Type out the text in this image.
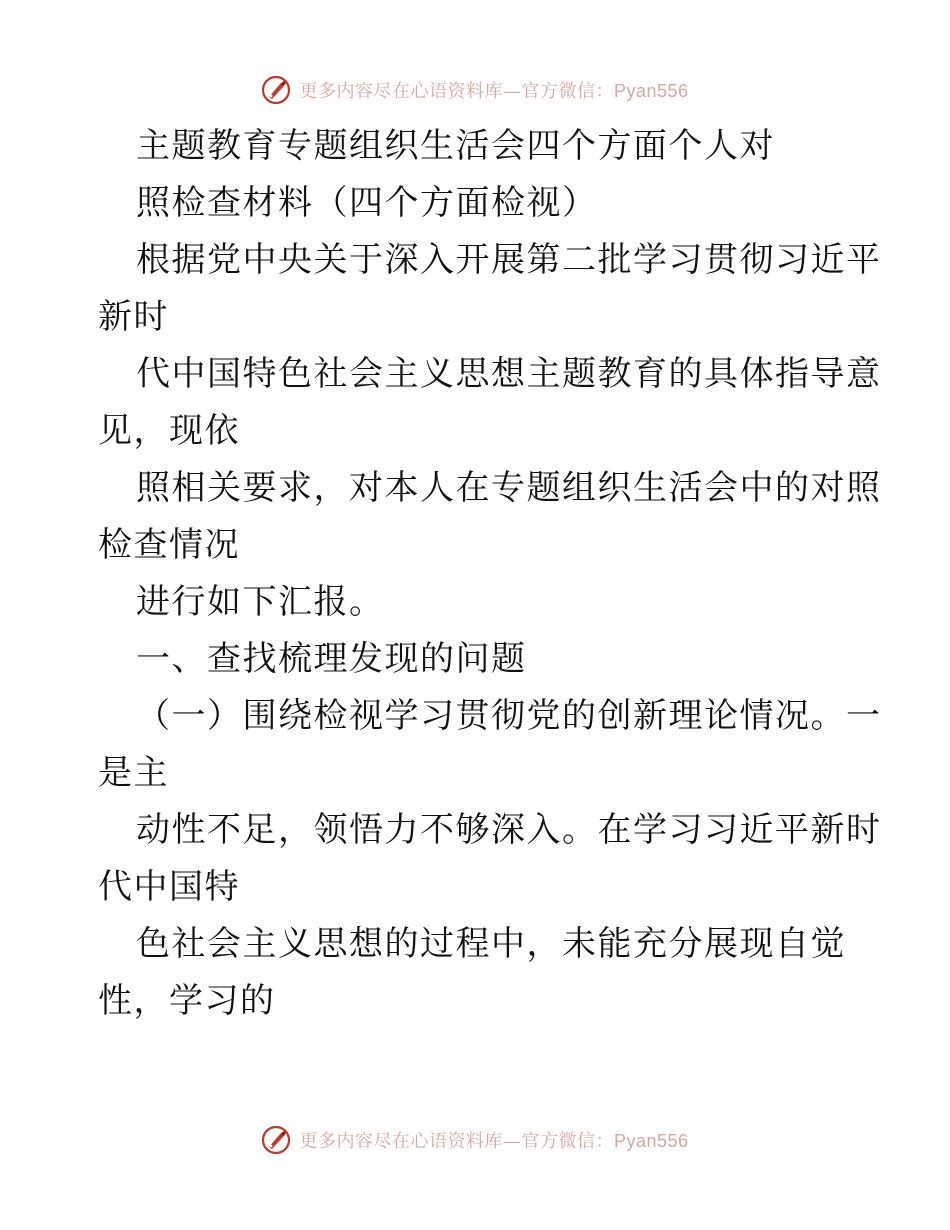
更多内容尽在心语资料库—官方微信：Pyan556
主题教育专题组织生活会四个方面个人对
照检查材料（四个方面检视）
根据党中央关于深入开展第二批学习贯彻习近平
新时
代中国特色社会主义思想主题教育的具体指导意
见，现依
照相关要求，对本人在专题组织生活会中的对照
检查情况
进行如下汇报。
一、查找梳理发现的问题
（一）围绕检视学习贯彻党的创新理论情况。一
是主
动性不足，领悟力不够深入。在学习习近平新时
代中国特
色社会主义思想的过程中，未能充分展现自觉
性，学习的
更多内容尽在心语资料库—官方微信：Pyan556
